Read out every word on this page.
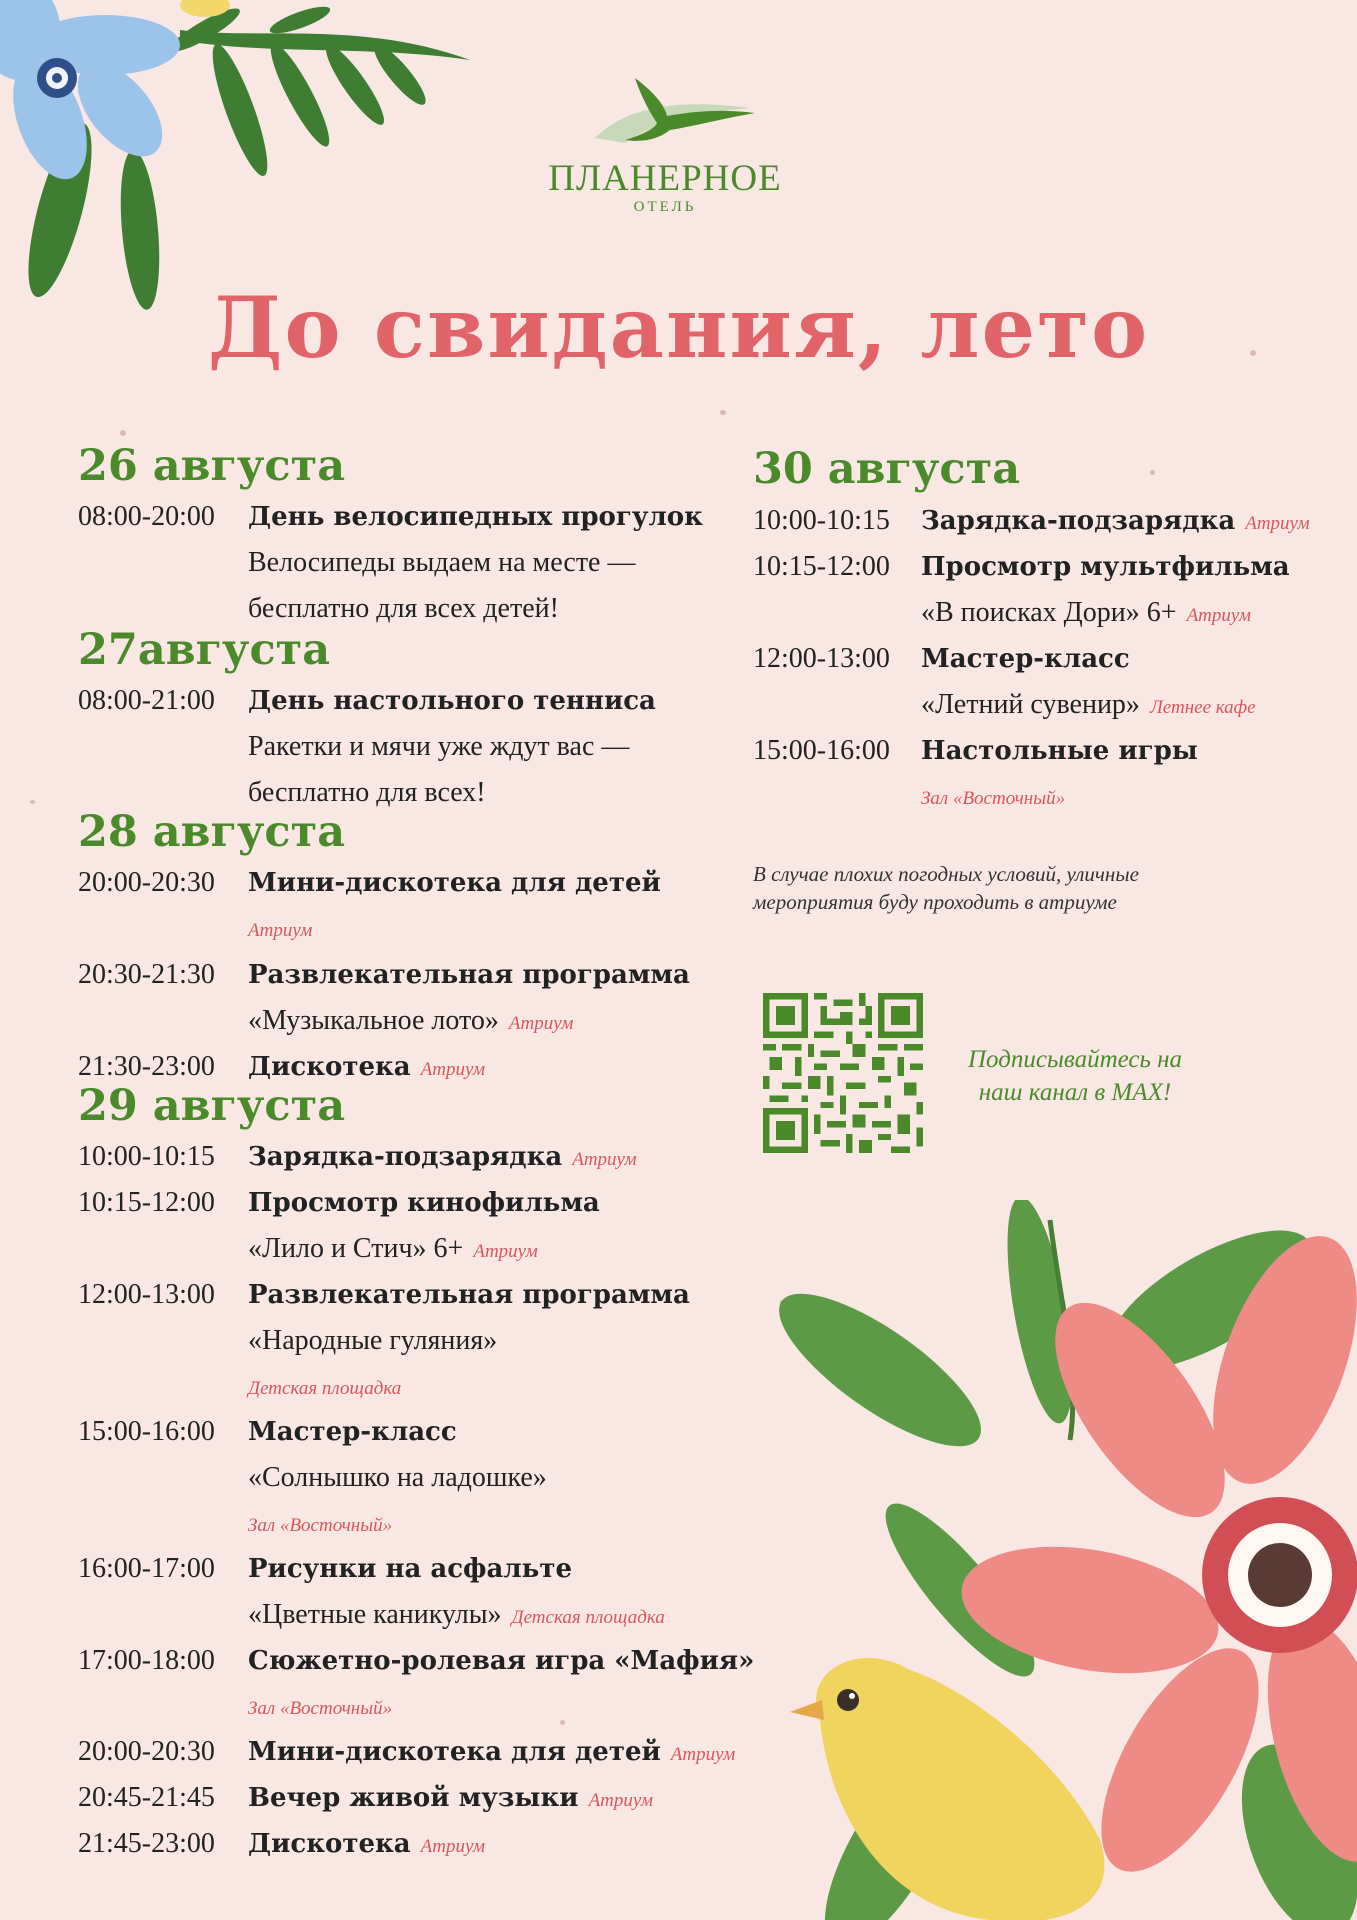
ПЛАНЕРНОЕ
ОТЕЛЬ
До свидания, лето
26 августа
08:00-20:00 День велосипедных прогулок
Велосипеды выдаем на месте —
бесплатно для всех детей!
27августа
08:00-21:00 День настольного тенниса
Ракетки и мячи уже ждут вас —
бесплатно для всех!
28 августа
20:00-20:30 Мини-дискотека для детей
Атриум
20:30-21:30 Развлекательная программа
«Музыкальное лото» Атриум
21:30-23:00 Дискотека Атриум
29 августа
10:00-10:15 Зарядка-подзарядка Атриум
10:15-12:00 Просмотр кинофильма
«Лило и Стич» 6+ Атриум
12:00-13:00 Развлекательная программа
«Народные гуляния»
Детская площадка
15:00-16:00 Мастер-класс
«Солнышко на ладошке»
Зал «Восточный»
16:00-17:00 Рисунки на асфальте
«Цветные каникулы» Детская площадка
17:00-18:00 Сюжетно-ролевая игра «Мафия»
Зал «Восточный»
20:00-20:30 Мини-дискотека для детей Атриум
20:45-21:45 Вечер живой музыки Атриум
21:45-23:00 Дискотека Атриум
30 августа
10:00-10:15 Зарядка-подзарядка Атриум
10:15-12:00 Просмотр мультфильма
«В поисках Дори» 6+ Атриум
12:00-13:00 Мастер-класс
«Летний сувенир» Летнее кафе
15:00-16:00 Настольные игры
Зал «Восточный»
В случае плохих погодных условий, уличные
мероприятия буду проходить в атриуме
Подписывайтесь на
наш канал в MAX!
